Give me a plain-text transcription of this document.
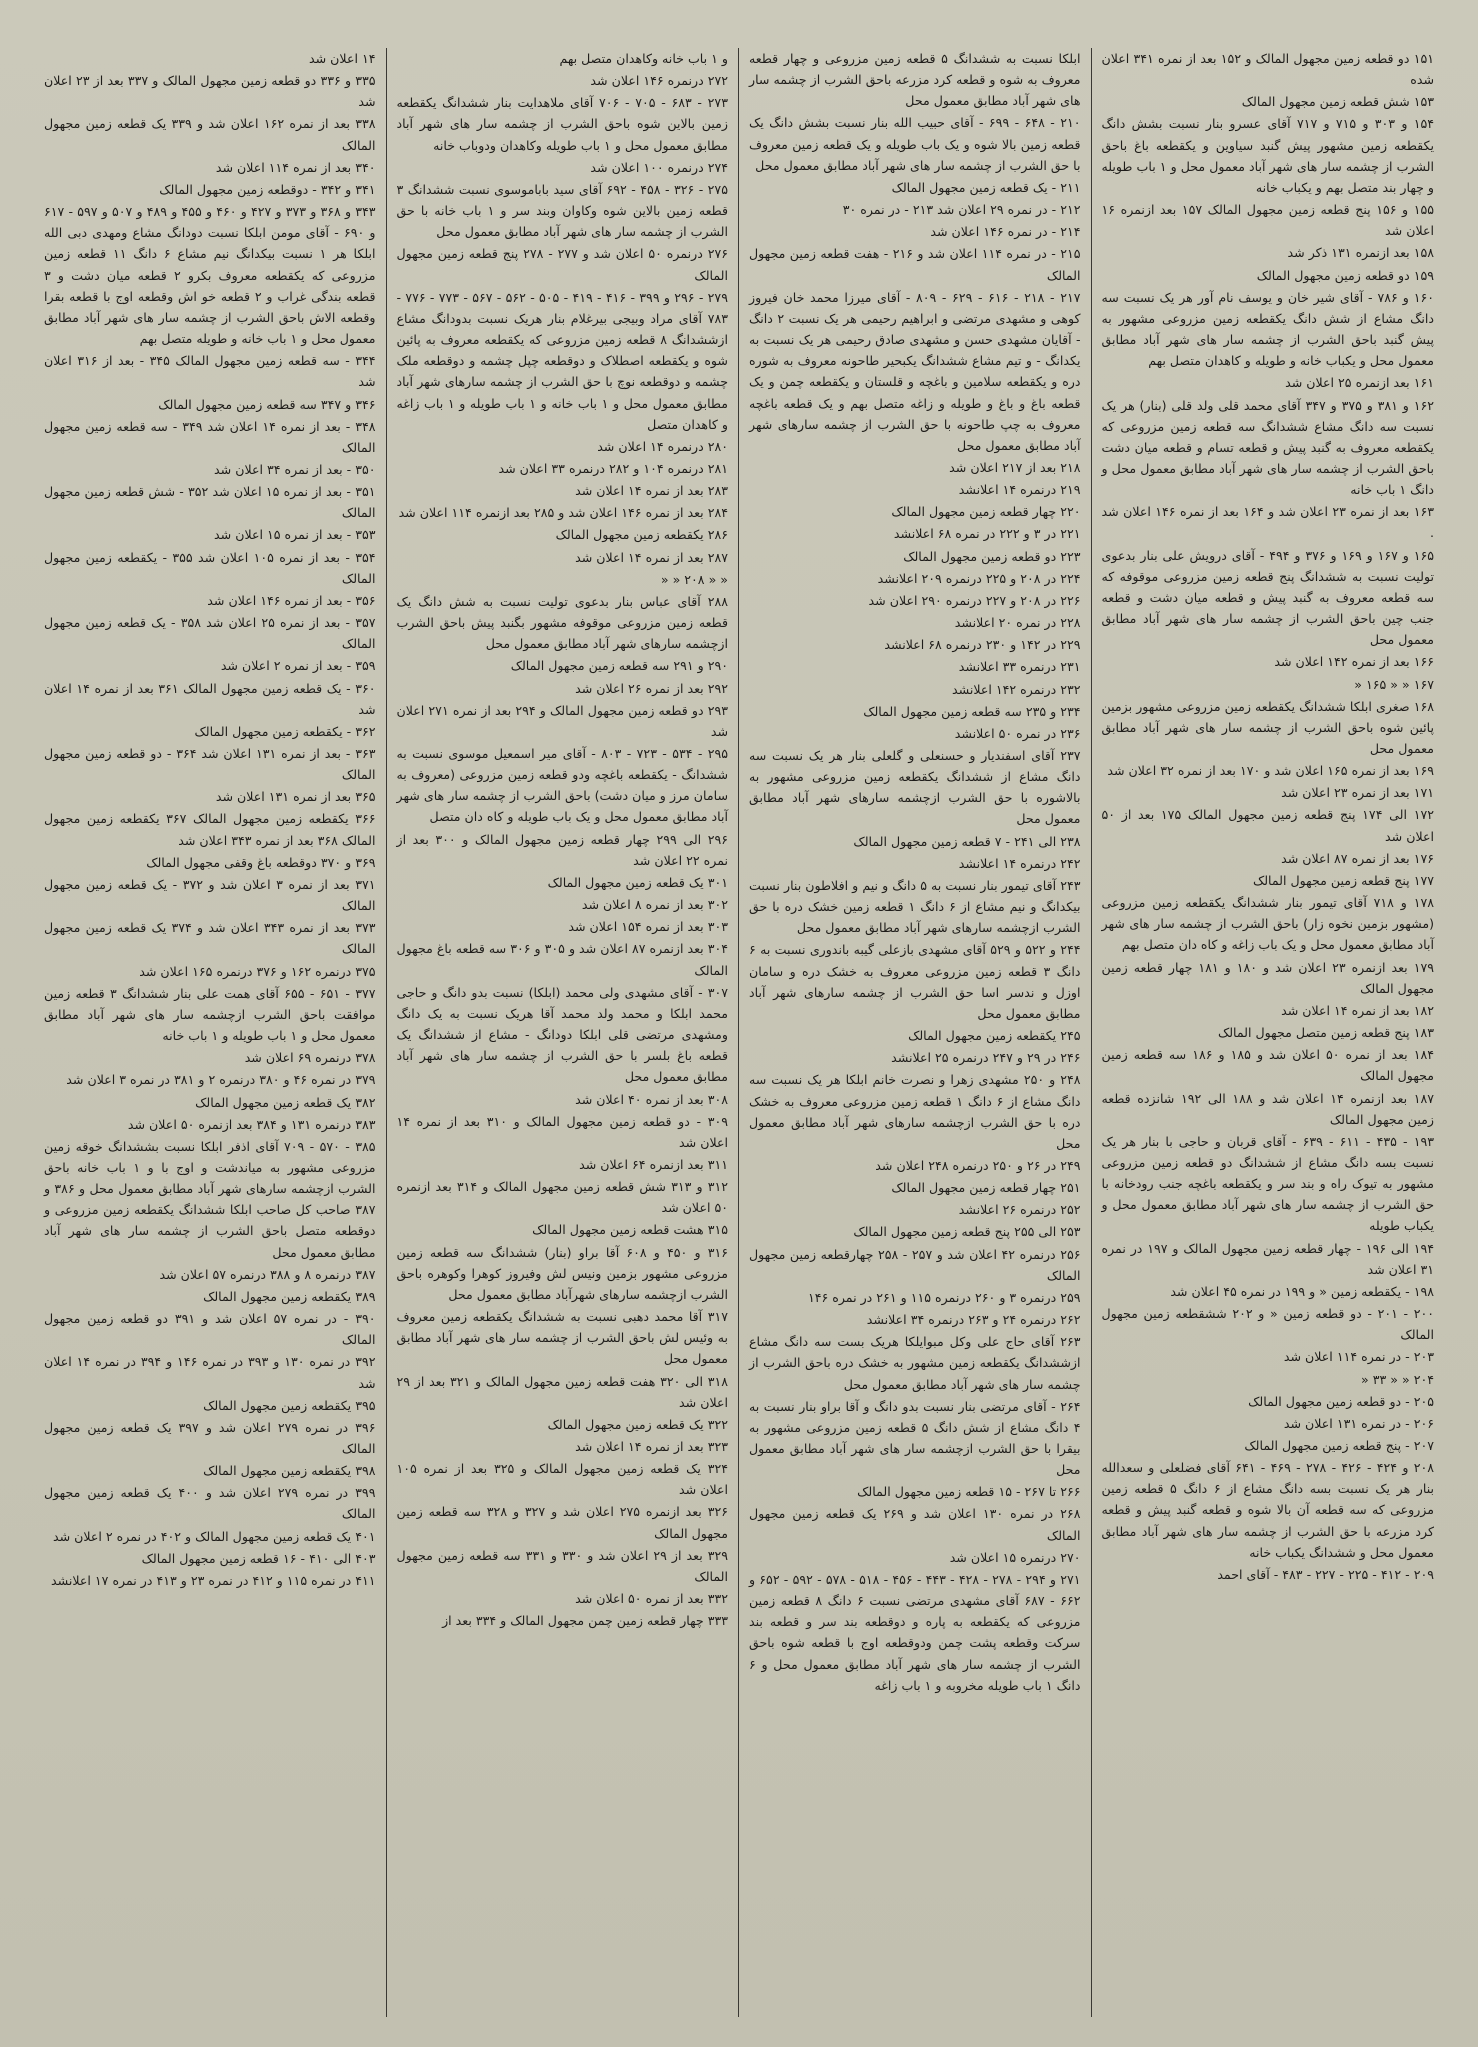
۱۵۱ دو قطعه زمین مجهول المالک و ۱۵۲ بعد از نمره ۳۴۱ اعلان شده

۱۵۳ شش قطعه زمین مجهول المالک

۱۵۴ و ۳۰۳ و ۷۱۵ و ۷۱۷ آقای عسرو بنار نسبت بشش دانگ یکقطعه زمین مشهور پیش گنبد سیاوین و یکقطعه باغ باحق الشرب از چشمه سار های شهر آباد معمول محل و ۱ باب طویله و چهار بند متصل بهم و یکباب خانه

۱۵۵ و ۱۵۶ پنج قطعه زمین مجهول المالک ۱۵۷ بعد ازنمره ۱۶ اعلان شد

۱۵۸ بعد ازنمره ۱۳۱ ذکر شد

۱۵۹ دو قطعه زمین مجهول المالک

۱۶۰ و ۷۸۶ - آقای شیر خان و یوسف نام آور هر یک نسبت سه دانگ مشاع از شش دانگ یکقطعه زمین مزروعی مشهور به پیش گنبد باحق الشرب از چشمه سار های شهر آباد مطابق معمول محل و یکباب خانه و طویله و کاهدان متصل بهم

۱۶۱ بعد ازنمره ۲۵ اعلان شد

۱۶۲ و ۳۸۱ و ۳۷۵ و ۳۴۷ آقای محمد قلی ولد قلی (بنار) هر یک نسبت سه دانگ مشاع ششدانگ سه قطعه زمین مزروعی که یکقطعه معروف به گنبد پیش و قطعه تسام و قطعه میان دشت باحق الشرب از چشمه سار های شهر آباد مطابق معمول محل و دانگ ۱ باب خانه

۱۶۳ بعد از نمره ۲۳ اعلان شد و ۱۶۴ بعد از نمره ۱۴۶ اعلان شد .

۱۶۵ و ۱۶۷ و ۱۶۹ و ۳۷۶ و ۴۹۴ - آقای درویش علی بنار بدعوی تولیت نسبت به ششدانگ پنج قطعه زمین مزروعی موقوفه که سه قطعه معروف به گنبد پیش و قطعه میان دشت و قطعه جنب چین باحق الشرب از چشمه سار های شهر آباد مطابق معمول محل

۱۶۶ بعد از نمره ۱۴۲ اعلان شد

۱۶۷ « « ۱۶۵ «

۱۶۸ صغری ابلکا ششدانگ یکقطعه زمین مزروعی مشهور بزمین پائین شوه باحق الشرب از چشمه سار های شهر آباد مطابق معمول محل

۱۶۹ بعد از نمره ۱۶۵ اعلان شد و ۱۷۰ بعد از نمره ۳۲ اعلان شد

۱۷۱ بعد از نمره ۲۳ اعلان شد

۱۷۲ الی ۱۷۴ پنج قطعه زمین مجهول المالک ۱۷۵ بعد از ۵۰ اعلان شد

۱۷۶ بعد از نمره ۸۷ اعلان شد

۱۷۷ پنج قطعه زمین مجهول المالک

۱۷۸ و ۷۱۸ آقای تیمور بنار ششدانگ یکقطعه زمین مزروعی (مشهور بزمین نخوه زار) باحق الشرب از چشمه سار های شهر آباد مطابق معمول محل و یک باب زاغه و کاه دان متصل بهم

۱۷۹ بعد ازنمره ۲۳ اعلان شد و ۱۸۰ و ۱۸۱ چهار قطعه زمین مجهول المالک

۱۸۲ بعد از نمره ۱۴ اعلان شد

۱۸۳ پنج قطعه زمین متصل مجهول المالک

۱۸۴ بعد از نمره ۵۰ اعلان شد و ۱۸۵ و ۱۸۶ سه قطعه زمین مجهول المالک

۱۸۷ بعد ازنمره ۱۴ اعلان شد و ۱۸۸ الی ۱۹۲ شانزده قطعه زمین مجهول المالک

۱۹۳ - ۴۳۵ - ۶۱۱ - ۶۳۹ - آقای قربان و حاجی با بنار هر یک نسبت بسه دانگ مشاع از ششدانگ دو قطعه زمین مزروعی مشهور به تیوک راه و بند سر و یکقطعه باغچه جنب رودخانه با حق الشرب از چشمه سار های شهر آباد مطابق معمول محل و یکباب طویله

۱۹۴ الی ۱۹۶ - چهار قطعه زمین مجهول المالک و ۱۹۷ در نمره ۳۱ اعلان شد

۱۹۸ - یکقطعه زمین « و ۱۹۹ در نمره ۴۵ اعلان شد

۲۰۰ - ۲۰۱ - دو قطعه زمین « و ۲۰۲ ششقطعه زمین مجهول المالک

۲۰۳ - در نمره ۱۱۴ اعلان شد

۲۰۴ « « ۳۳ «

۲۰۵ - دو قطعه زمین مجهول المالک

۲۰۶ - در نمره ۱۳۱ اعلان شد

۲۰۷ - پنج قطعه زمین مجهول المالک

۲۰۸ و ۴۲۴ - ۴۲۶ - ۲۷۸ - ۴۶۹ - ۶۴۱ آقای فضلعلی و سعدالله بنار هر یک نسبت بسه دانگ مشاع از ۶ دانگ ۵ قطعه زمین مزروعی که سه قطعه آن بالا شوه و قطعه گنبد پیش و قطعه کرد مزرعه با حق الشرب از چشمه سار های شهر آباد مطابق معمول محل و ششدانگ یکباب خانه

۲۰۹ - ۴۱۲ - ۲۲۵ - ۲۲۷ - ۴۸۳ - آقای احمد

ابلکا نسبت به ششدانگ ۵ قطعه زمین مزروعی و چهار قطعه معروف به شوه و قطعه کرد مزرعه باحق الشرب از چشمه سار های شهر آباد مطابق معمول محل

۲۱۰ - ۶۴۸ - ۶۹۹ - آقای حبیب الله بنار نسبت بشش دانگ یک قطعه زمین بالا شوه و یک باب طویله و یک قطعه زمین معروف با حق الشرب از چشمه سار های شهر آباد مطابق معمول محل

۲۱۱ - یک قطعه زمین مجهول المالک

۲۱۲ - در نمره ۲۹ اعلان شد ۲۱۳ - در نمره ۳۰

۲۱۴ - در نمره ۱۴۶ اعلان شد

۲۱۵ - در نمره ۱۱۴ اعلان شد و ۲۱۶ - هفت قطعه زمین مجهول المالک

۲۱۷ - ۲۱۸ - ۶۱۶ - ۶۲۹ - ۸۰۹ - آقای میرزا محمد خان فیروز کوهی و مشهدی مرتضی و ابراهیم رحیمی هر یک نسبت ۲ دانگ - آقایان مشهدی حسن و مشهدی صادق رحیمی هر یک نسبت به یکدانگ - و تیم مشاع ششدانگ یکبحیر طاحونه معروف به شوره دره و یکقطعه سلامین و باغچه و قلستان و یکقطعه چمن و یک قطعه باغ و باغ و طویله و زاغه متصل بهم و یک قطعه باغچه معروف به چپ طاحونه با حق الشرب از چشمه سارهای شهر آباد مطابق معمول محل

۲۱۸ بعد از ۲۱۷ اعلان شد

۲۱۹ درنمره ۱۴ اعلانشد

۲۲۰ چهار قطعه زمین مجهول المالک

۲۲۱ در ۳ و ۲۲۲ در نمره ۶۸ اعلانشد

۲۲۳ دو قطعه زمین مجهول المالک

۲۲۴ در ۲۰۸ و ۲۲۵ درنمره ۲۰۹ اعلانشد

۲۲۶ در ۲۰۸ و ۲۲۷ درنمره ۲۹۰ اعلان شد

۲۲۸ در نمره ۲۰ اعلانشد

۲۲۹ در ۱۴۲ و ۲۳۰ درنمره ۶۸ اعلانشد

۲۳۱ درنمره ۳۳ اعلانشد

۲۳۲ درنمره ۱۴۲ اعلانشد

۲۳۴ و ۲۳۵ سه قطعه زمین مجهول المالک

۲۳۶ در نمره ۵۰ اعلانشد

۲۳۷ آقای اسفندیار و حسنعلی و گلعلی بنار هر یک نسبت سه دانگ مشاع از ششدانگ یکقطعه زمین مزروعی مشهور به بالاشوره با حق الشرب ازچشمه سارهای شهر آباد مطابق معمول محل

۲۳۸ الی ۲۴۱ - ۷ قطعه زمین مجهول المالک

۲۴۲ درنمره ۱۴ اعلانشد

۲۴۳ آقای تیمور بنار نسبت به ۵ دانگ و نیم و افلاطون بنار نسبت بیکدانگ و نیم مشاع از ۶ دانگ ۱ قطعه زمین خشک دره با حق الشرب ازچشمه سارهای شهر آباد مطابق معمول محل

۲۴۴ و ۵۲۲ و ۵۲۹ آقای مشهدی بازعلی گیبه باندوری نسبت به ۶ دانگ ۳ قطعه زمین مزروعی معروف به خشک دره و سامان اوزل و ندسر اسا حق الشرب از چشمه سارهای شهر آباد مطابق معمول محل

۲۴۵ یکقطعه زمین مجهول المالک

۲۴۶ در ۲۹ و ۲۴۷ درنمره ۲۵ اعلانشد

۲۴۸ و ۲۵۰ مشهدی زهرا و نصرت خانم ابلکا هر یک نسبت سه دانگ مشاع از ۶ دانگ ۱ قطعه زمین مزروعی معروف به خشک دره با حق الشرب ازچشمه سارهای شهر آباد مطابق معمول محل

۲۴۹ در ۲۶ و ۲۵۰ درنمره ۲۴۸ اعلان شد

۲۵۱ چهار قطعه زمین مجهول المالک

۲۵۲ درنمره ۲۶ اعلانشد

۲۵۳ الی ۲۵۵ پنج قطعه زمین مجهول المالک

۲۵۶ درنمره ۴۲ اعلان شد و ۲۵۷ - ۲۵۸ چهارقطعه زمین مجهول المالک

۲۵۹ درنمره ۳ و ۲۶۰ درنمره ۱۱۵ و ۲۶۱ در نمره ۱۴۶

۲۶۲ درنمره ۲۴ و ۲۶۳ درنمره ۳۴ اعلانشد

۲۶۳ آقای حاج علی وکل مبوایلکا هریک بست سه دانگ مشاع ازششدانگ یکقطعه زمین مشهور به خشک دره باحق الشرب از چشمه سار های شهر آباد مطابق معمول محل

۲۶۴ - آقای مرتضی بنار نسبت بدو دانگ و آقا براو بنار نسبت به ۴ دانگ مشاع از شش دانگ ۵ قطعه زمین مزروعی مشهور به بیقرا با حق الشرب ازچشمه سار های شهر آباد مطابق معمول محل

۲۶۶ تا ۲۶۷ - ۱۵ قطعه زمین مجهول المالک

۲۶۸ در نمره ۱۳۰ اعلان شد و ۲۶۹ یک قطعه زمین مجهول المالک

۲۷۰ درنمره ۱۵ اعلان شد

۲۷۱ و ۲۹۴ - ۲۷۸ - ۴۲۸ - ۴۴۳ - ۴۵۶ - ۵۱۸ - ۵۷۸ - ۵۹۲ - ۶۵۲ و ۶۶۲ - ۶۸۷ آقای مشهدی مرتضی نسبت ۶ دانگ ۸ قطعه زمین مزروعی که یکقطعه به پاره و دوقطعه بند سر و قطعه بند سرکت وقطعه پشت چمن ودوقطعه اوج با قطعه شوه باحق الشرب از چشمه سار های شهر آباد مطابق معمول محل و ۶ دانگ ۱ باب طویله مخروبه و ۱ باب زاغه

و ۱ باب خانه وکاهدان متصل بهم

۲۷۲ درنمره ۱۴۶ اعلان شد

۲۷۳ - ۶۸۳ - ۷۰۵ - ۷۰۶ آقای ملاهدایت بنار ششدانگ یکقطعه زمین بالاین شوه باحق الشرب از چشمه سار های شهر آباد مطابق معمول محل و ۱ باب طویله وکاهدان ودوباب خانه

۲۷۴ درنمره ۱۰۰ اعلان شد

۲۷۵ - ۳۲۶ - ۴۵۸ - ۶۹۲ آقای سید باباموسوی نسبت ششدانگ ۳ قطعه زمین بالاین شوه وکاوان وبند سر و ۱ باب خانه با حق الشرب از چشمه سار های شهر آباد مطابق معمول محل

۲۷۶ درنمره ۵۰ اعلان شد و ۲۷۷ - ۲۷۸ پنج قطعه زمین مجهول المالک

۲۷۹ - ۲۹۶ و ۳۹۹ - ۴۱۶ - ۴۱۹ - ۵۰۵ - ۵۶۲ - ۵۶۷ - ۷۷۳ - ۷۷۶ - ۷۸۳ آقای مراد وبیجی بیرغلام بنار هریک نسبت بدودانگ مشاع ازششدانگ ۸ قطعه زمین مزروعی که یکقطعه معروف به پائین شوه و یکقطعه اصطلاک و دوقطعه چپل چشمه و دوقطعه ملک چشمه و دوقطعه نوچ با حق الشرب از چشمه سارهای شهر آباد مطابق معمول محل و ۱ باب خانه و ۱ باب طویله و ۱ باب زاغه و کاهدان متصل

۲۸۰ درنمره ۱۴ اعلان شد

۲۸۱ درنمره ۱۰۴ و ۲۸۲ درنمره ۳۳ اعلان شد

۲۸۳ بعد از نمره ۱۴ اعلان شد

۲۸۴ بعد از نمره ۱۴۶ اعلان شد و ۲۸۵ بعد ازنمره ۱۱۴ اعلان شد

۲۸۶ یکقطعه زمین مجهول المالک

۲۸۷ بعد از نمره ۱۴ اعلان شد

« « ۲۰۸ « «

۲۸۸ آقای عباس بنار بدعوی تولیت نسبت به شش دانگ یک قطعه زمین مزروعی موقوفه مشهور بگنبد پیش باحق الشرب ازچشمه سارهای شهر آباد مطابق معمول محل

۲۹۰ و ۲۹۱ سه قطعه زمین مجهول المالک

۲۹۲ بعد از نمره ۲۶ اعلان شد

۲۹۳ دو قطعه زمین مجهول المالک و ۲۹۴ بعد از نمره ۲۷۱ اعلان شد

۲۹۵ - ۵۳۴ - ۷۲۳ - ۸۰۳ - آقای میر اسمعیل موسوی نسبت به ششدانگ - یکقطعه باغچه ودو قطعه زمین مزروعی (معروف به سامان مرز و میان دشت) باحق الشرب از چشمه سار های شهر آباد مطابق معمول محل و یک باب طویله و کاه دان متصل

۲۹۶ الی ۲۹۹ چهار قطعه زمین مجهول المالک و ۳۰۰ بعد از نمره ۲۲ اعلان شد

۳۰۱ یک قطعه زمین مجهول المالک

۳۰۲ بعد از نمره ۸ اعلان شد

۳۰۳ بعد از نمره ۱۵۴ اعلان شد

۳۰۴ بعد ازنمره ۸۷ اعلان شد و ۳۰۵ و ۳۰۶ سه قطعه باغ مجهول المالک

۳۰۷ - آقای مشهدی ولی محمد (ابلکا) نسبت بدو دانگ و حاجی محمد ابلکا و محمد ولد محمد آقا هریک نسبت به یک دانگ ومشهدی مرتضی قلی ابلکا دودانگ - مشاع از ششدانگ یک قطعه باغ بلسر با حق الشرب از چشمه سار های شهر آباد مطابق معمول محل

۳۰۸ بعد از نمره ۴۰ اعلان شد

۳۰۹ - دو قطعه زمین مجهول المالک و ۳۱۰ بعد از نمره ۱۴ اعلان شد

۳۱۱ بعد ازنمره ۶۴ اعلان شد

۳۱۲ و ۳۱۳ شش قطعه زمین مجهول المالک و ۳۱۴ بعد ازنمره ۵۰ اعلان شد

۳۱۵ هشت قطعه زمین مجهول المالک

۳۱۶ و ۴۵۰ و ۶۰۸ آقا براو (بنار) ششدانگ سه قطعه زمین مزروعی مشهور بزمین ونیس لش وفیروز کوهرا وکوهره باحق الشرب ازچشمه سارهای شهرآباد مطابق معمول محل

۳۱۷ آقا محمد دهبی نسبت به ششدانگ یکقطعه زمین معروف به وئیس لش باحق الشرب از چشمه سار های شهر آباد مطابق معمول محل

۳۱۸ الی ۳۲۰ هفت قطعه زمین مجهول المالک و ۳۲۱ بعد از ۲۹ اعلان شد

۳۲۲ یک قطعه زمین مجهول المالک

۳۲۳ بعد از نمره ۱۴ اعلان شد

۳۲۴ یک قطعه زمین مجهول المالک و ۳۲۵ بعد از نمره ۱۰۵ اعلان شد

۳۲۶ بعد ازنمره ۲۷۵ اعلان شد و ۳۲۷ و ۳۲۸ سه قطعه زمین مجهول المالک

۳۲۹ بعد از ۲۹ اعلان شد و ۳۳۰ و ۳۳۱ سه قطعه زمین مجهول المالک

۳۳۲ بعد از نمره ۵۰ اعلان شد

۳۳۳ چهار قطعه زمین چمن مجهول المالک و ۳۳۴ بعد از

۱۴ اعلان شد

۳۳۵ و ۳۳۶ دو قطعه زمین مجهول المالک و ۳۳۷ بعد از ۲۳ اعلان شد

۳۳۸ بعد از نمره ۱۶۲ اعلان شد و ۳۳۹ یک قطعه زمین مجهول المالک

۳۴۰ بعد از نمره ۱۱۴ اعلان شد

۳۴۱ و ۳۴۲ - دوقطعه زمین مجهول المالک

۳۴۳ و ۳۶۸ و ۳۷۳ و ۴۲۷ و ۴۶۰ و ۴۵۵ و ۴۸۹ و ۵۰۷ و ۵۹۷ - ۶۱۷ و ۶۹۰ - آقای مومن ابلکا نسبت دودانگ مشاع ومهدی دبی الله ابلکا هر ۱ نسبت بیکدانگ نیم مشاع ۶ دانگ ۱۱ قطعه زمین مزروعی که یکقطعه معروف بکرو ۲ قطعه میان دشت و ۳ قطعه بندگی غراب و ۲ قطعه خو اش وقطعه اوج با قطعه بقرا وقطعه الاش باحق الشرب از چشمه سار های شهر آباد مطابق معمول محل و ۱ باب خانه و طویله متصل بهم

۳۴۴ - سه قطعه زمین مجهول المالک ۳۴۵ - بعد از ۳۱۶ اعلان شد

۳۴۶ و ۳۴۷ سه قطعه زمین مجهول المالک

۳۴۸ - بعد از نمره ۱۴ اعلان شد ۳۴۹ - سه قطعه زمین مجهول المالک

۳۵۰ - بعد از نمره ۳۴ اعلان شد

۳۵۱ - بعد از نمره ۱۵ اعلان شد ۳۵۲ - شش قطعه زمین مجهول المالک

۳۵۳ - بعد از نمره ۱۵ اعلان شد

۳۵۴ - بعد از نمره ۱۰۵ اعلان شد ۳۵۵ - یکقطعه زمین مجهول المالک

۳۵۶ - بعد از نمره ۱۴۶ اعلان شد

۳۵۷ - بعد از نمره ۲۵ اعلان شد ۳۵۸ - یک قطعه زمین مجهول المالک

۳۵۹ - بعد از نمره ۲ اعلان شد

۳۶۰ - یک قطعه زمین مجهول المالک ۳۶۱ بعد از نمره ۱۴ اعلان شد

۳۶۲ - یکقطعه زمین مجهول المالک

۳۶۳ - بعد از نمره ۱۳۱ اعلان شد ۳۶۴ - دو قطعه زمین مجهول المالک

۳۶۵ بعد از نمره ۱۳۱ اعلان شد

۳۶۶ یکقطعه زمین مجهول المالک ۳۶۷ یکقطعه زمین مجهول المالک ۳۶۸ بعد از نمره ۳۴۳ اعلان شد

۳۶۹ و ۳۷۰ دوقطعه باغ وقفی مجهول المالک

۳۷۱ بعد از نمره ۳ اعلان شد و ۳۷۲ - یک قطعه زمین مجهول المالک

۳۷۳ بعد از نمره ۳۴۳ اعلان شد و ۳۷۴ یک قطعه زمین مجهول المالک

۳۷۵ درنمره ۱۶۲ و ۳۷۶ درنمره ۱۶۵ اعلان شد

۳۷۷ - ۶۵۱ - ۶۵۵ آقای همت علی بنار ششدانگ ۳ قطعه زمین موافقت باحق الشرب ازچشمه سار های شهر آباد مطابق معمول محل و ۱ باب طویله و ۱ باب خانه

۳۷۸ درنمره ۶۹ اعلان شد

۳۷۹ در نمره ۴۶ و ۳۸۰ درنمره ۲ و ۳۸۱ در نمره ۳ اعلان شد

۳۸۲ یک قطعه زمین مجهول المالک

۳۸۳ درنمره ۱۳۱ و ۳۸۴ بعد ازنمره ۵۰ اعلان شد

۳۸۵ - ۵۷۰ - ۷۰۹ آقای اذفر ابلکا نسبت بششدانگ خوقه زمین مزروعی مشهور به میاندشت و اوج با و ۱ باب خانه باحق الشرب ازچشمه سارهای شهر آباد مطابق معمول محل و ۳۸۶ و ۳۸۷ صاحب کل صاحب ابلکا ششدانگ یکقطعه زمین مزروعی و دوقطعه متصل باحق الشرب از چشمه سار های شهر آباد مطابق معمول محل

۳۸۷ درنمره ۸ و ۳۸۸ درنمره ۵۷ اعلان شد

۳۸۹ یکقطعه زمین مجهول المالک

۳۹۰ - در نمره ۵۷ اعلان شد و ۳۹۱ دو قطعه زمین مجهول المالک

۳۹۲ در نمره ۱۳۰ و ۳۹۳ در نمره ۱۴۶ و ۳۹۴ در نمره ۱۴ اعلان شد

۳۹۵ یکقطعه زمین مجهول المالک

۳۹۶ در نمره ۲۷۹ اعلان شد و ۳۹۷ یک قطعه زمین مجهول المالک

۳۹۸ یکقطعه زمین مجهول المالک

۳۹۹ در نمره ۲۷۹ اعلان شد و ۴۰۰ یک قطعه زمین مجهول المالک

۴۰۱ یک قطعه زمین مجهول المالک و ۴۰۲ در نمره ۲ اعلان شد

۴۰۳ الی ۴۱۰ - ۱۶ قطعه زمین مجهول المالک

۴۱۱ در نمره ۱۱۵ و ۴۱۲ در نمره ۲۳ و ۴۱۳ در نمره ۱۷ اعلانشد
